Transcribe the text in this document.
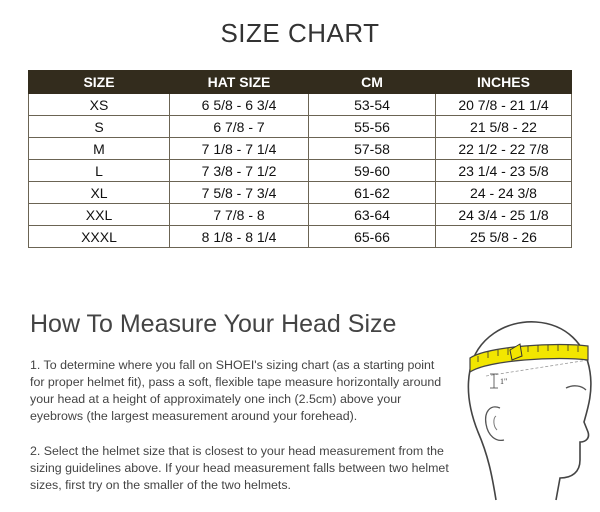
SIZE CHART
SIZE	HAT SIZE	CM	INCHES
XS	6 5/8 - 6 3/4	53-54	20 7/8 - 21 1/4
S	6 7/8 - 7	55-56	21 5/8 - 22
M	7 1/8 - 7 1/4	57-58	22 1/2 - 22 7/8
L	7 3/8 - 7 1/2	59-60	23 1/4 - 23 5/8
XL	7 5/8 - 7 3/4	61-62	24 - 24 3/8
XXL	7 7/8 - 8	63-64	24 3/4 - 25 1/8
XXXL	8 1/8 - 8 1/4	65-66	25 5/8 - 26
How To Measure Your Head Size

1. To determine where you fall on SHOEI's sizing chart (as a starting point for proper helmet fit), pass a soft, flexible tape measure horizontally around your head at a height of approximately one inch (2.5cm) above your eyebrows (the largest measurement around your forehead).

2. Select the helmet size that is closest to your head measurement from the sizing guidelines above. If your head measurement falls between two helmet sizes, first try on the smaller of the two helmets.

1"
